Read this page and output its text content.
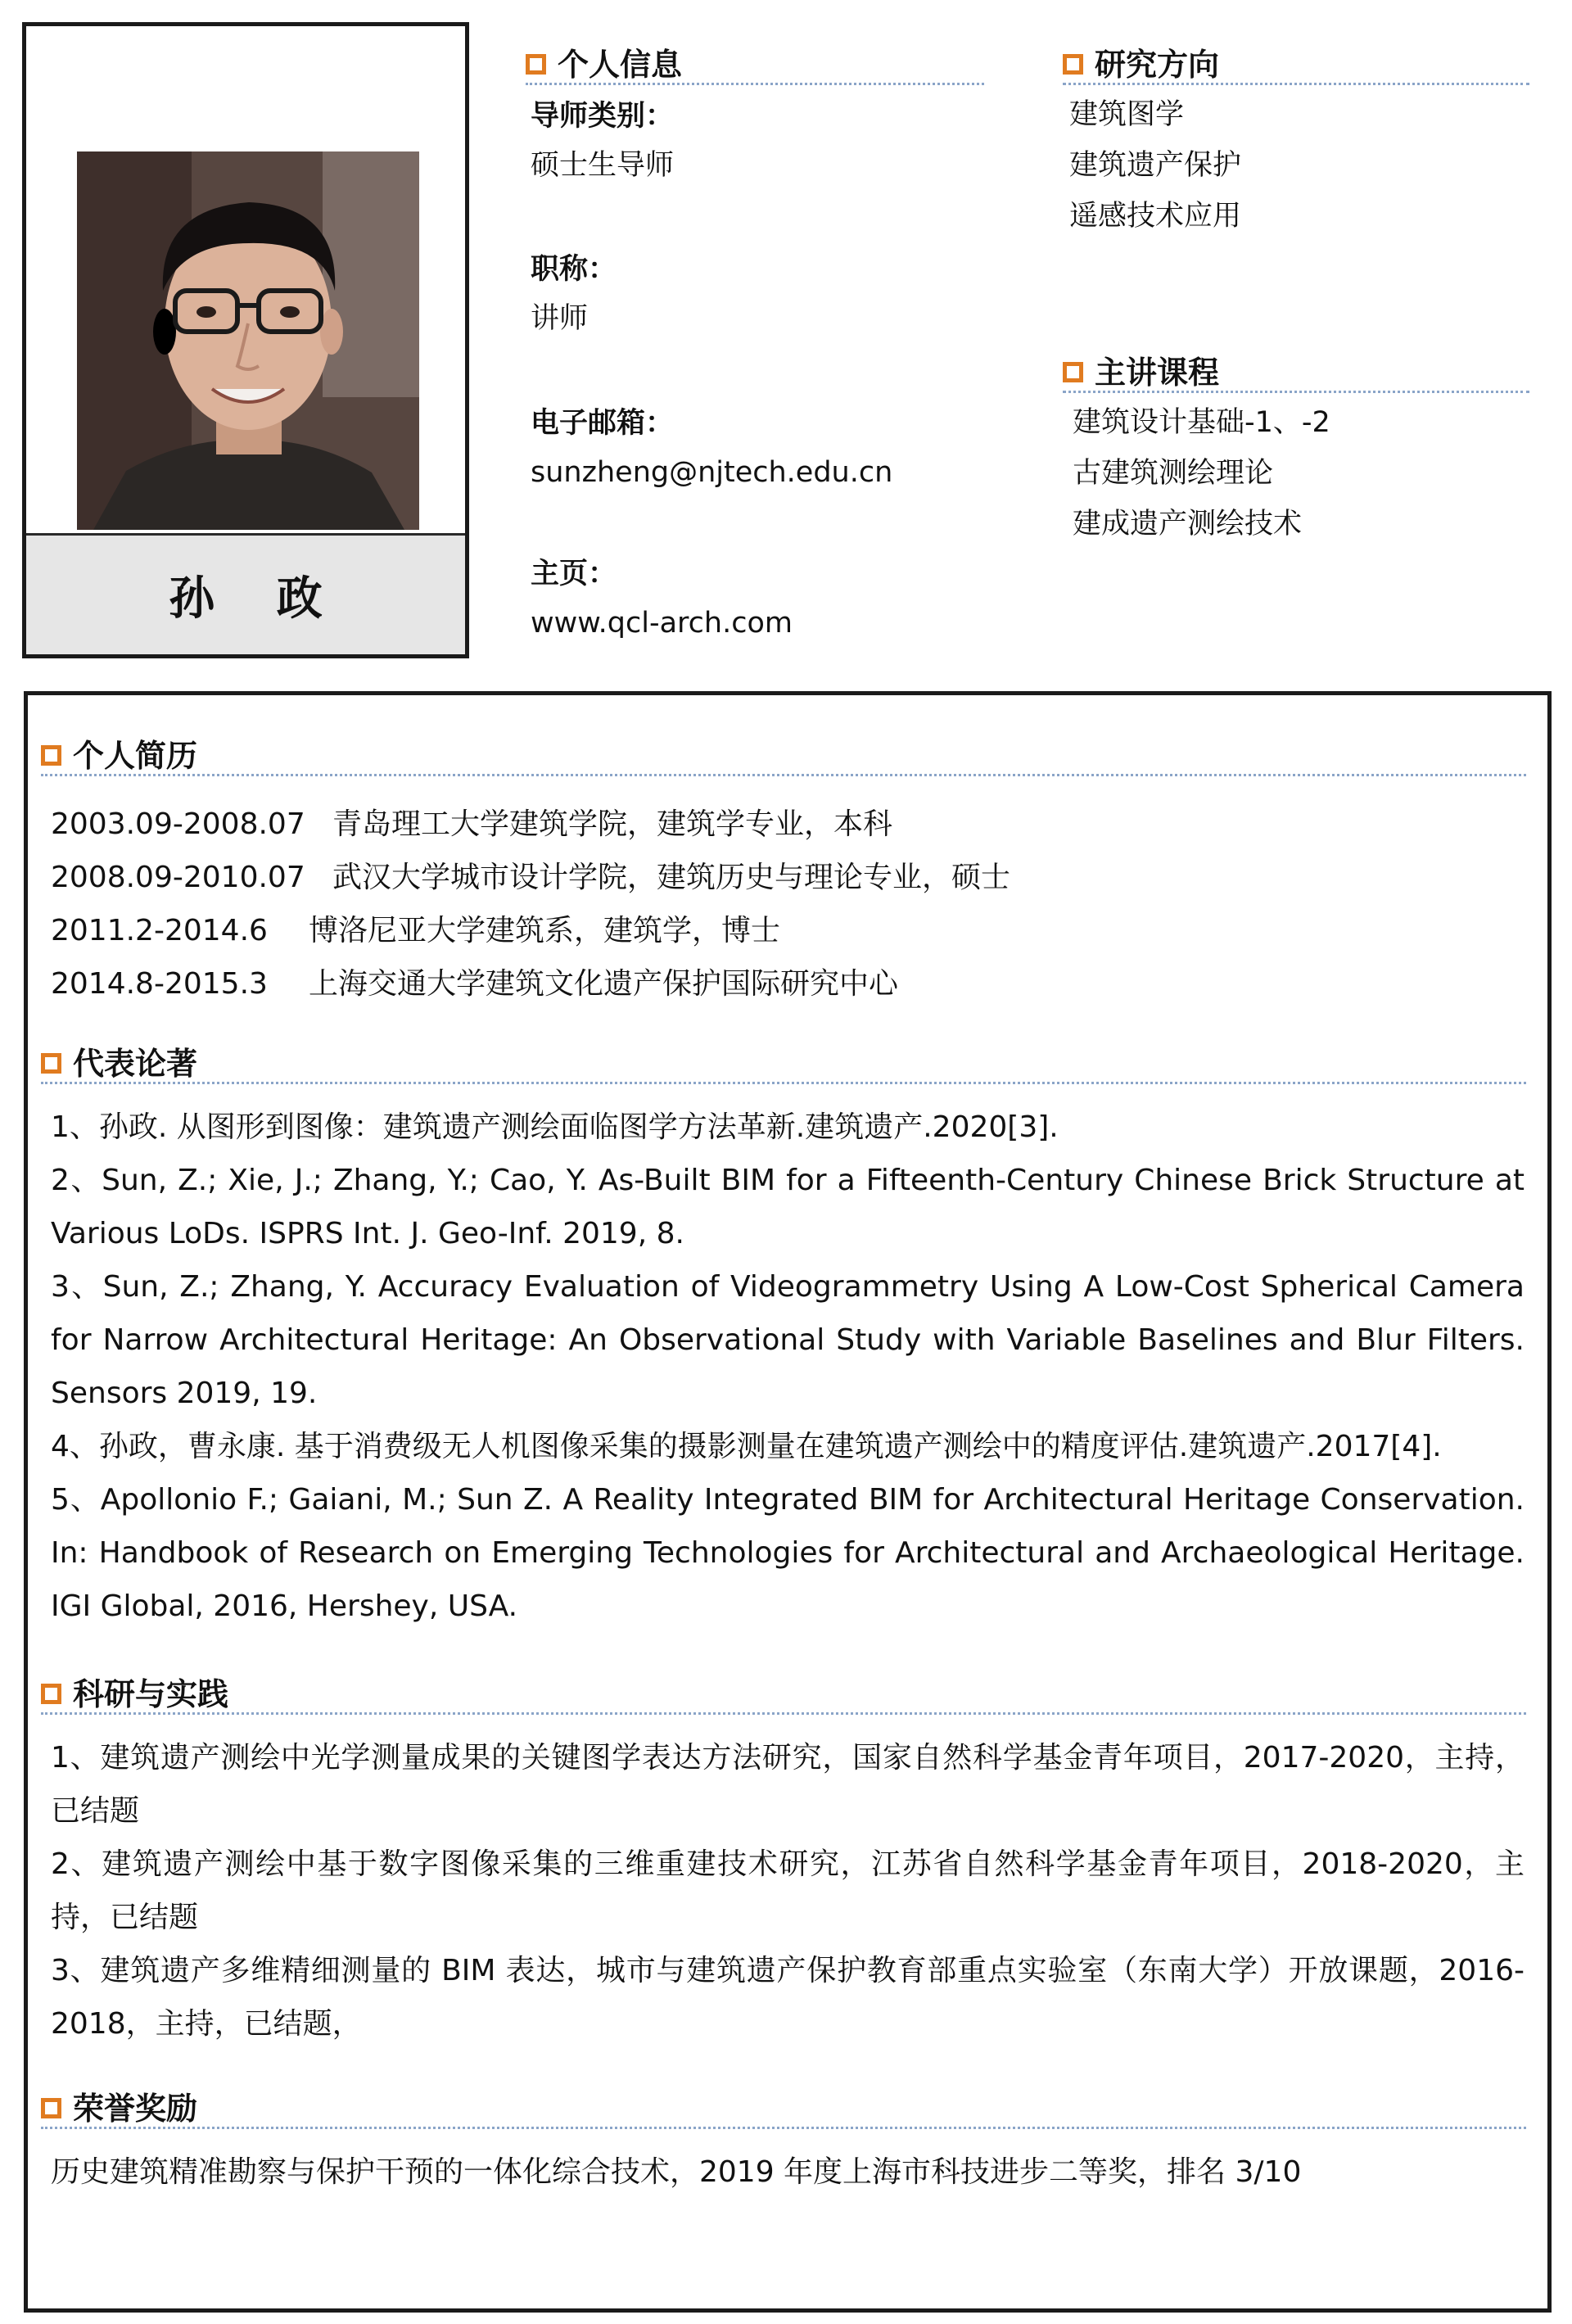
孙 政
个人信息
导师类别：
硕士生导师
职称：
讲师
电子邮箱：
sunzheng@njtech.edu.cn
主页：
www.qcl-arch.com
研究方向
建筑图学
建筑遗产保护
遥感技术应用
主讲课程
建筑设计基础-1、-2
古建筑测绘理论
建成遗产测绘技术
个人简历
2003.09-2008.07 青岛理工大学建筑学院，建筑学专业，本科
2008.09-2010.07 武汉大学城市设计学院，建筑历史与理论专业，硕士
2011.2-2014.6 博洛尼亚大学建筑系，建筑学，博士
2014.8-2015.3 上海交通大学建筑文化遗产保护国际研究中心
代表论著
1、孙政. 从图形到图像：建筑遗产测绘面临图学方法革新.建筑遗产.2020[3].
2、Sun, Z.; Xie, J.; Zhang, Y.; Cao, Y. As-Built BIM for a Fifteenth-Century Chinese Brick Structure at Various LoDs. ISPRS Int. J. Geo-Inf. 2019, 8.
3、Sun, Z.; Zhang, Y. Accuracy Evaluation of Videogrammetry Using A Low-Cost Spherical Camera for Narrow Architectural Heritage: An Observational Study with Variable Baselines and Blur Filters. Sensors 2019, 19.
4、孙政，曹永康. 基于消费级无人机图像采集的摄影测量在建筑遗产测绘中的精度评估.建筑遗产.2017[4].
5、Apollonio F.; Gaiani, M.; Sun Z. A Reality Integrated BIM for Architectural Heritage Conservation. In: Handbook of Research on Emerging Technologies for Architectural and Archaeological Heritage. IGI Global, 2016, Hershey, USA.
科研与实践
1、建筑遗产测绘中光学测量成果的关键图学表达方法研究，国家自然科学基金青年项目，2017-2020，主持，已结题
2、建筑遗产测绘中基于数字图像采集的三维重建技术研究，江苏省自然科学基金青年项目，2018-2020，主持，已结题
3、建筑遗产多维精细测量的 BIM 表达，城市与建筑遗产保护教育部重点实验室（东南大学）开放课题，2016-2018，主持，已结题，
荣誉奖励
历史建筑精准勘察与保护干预的一体化综合技术，2019 年度上海市科技进步二等奖，排名 3/10
